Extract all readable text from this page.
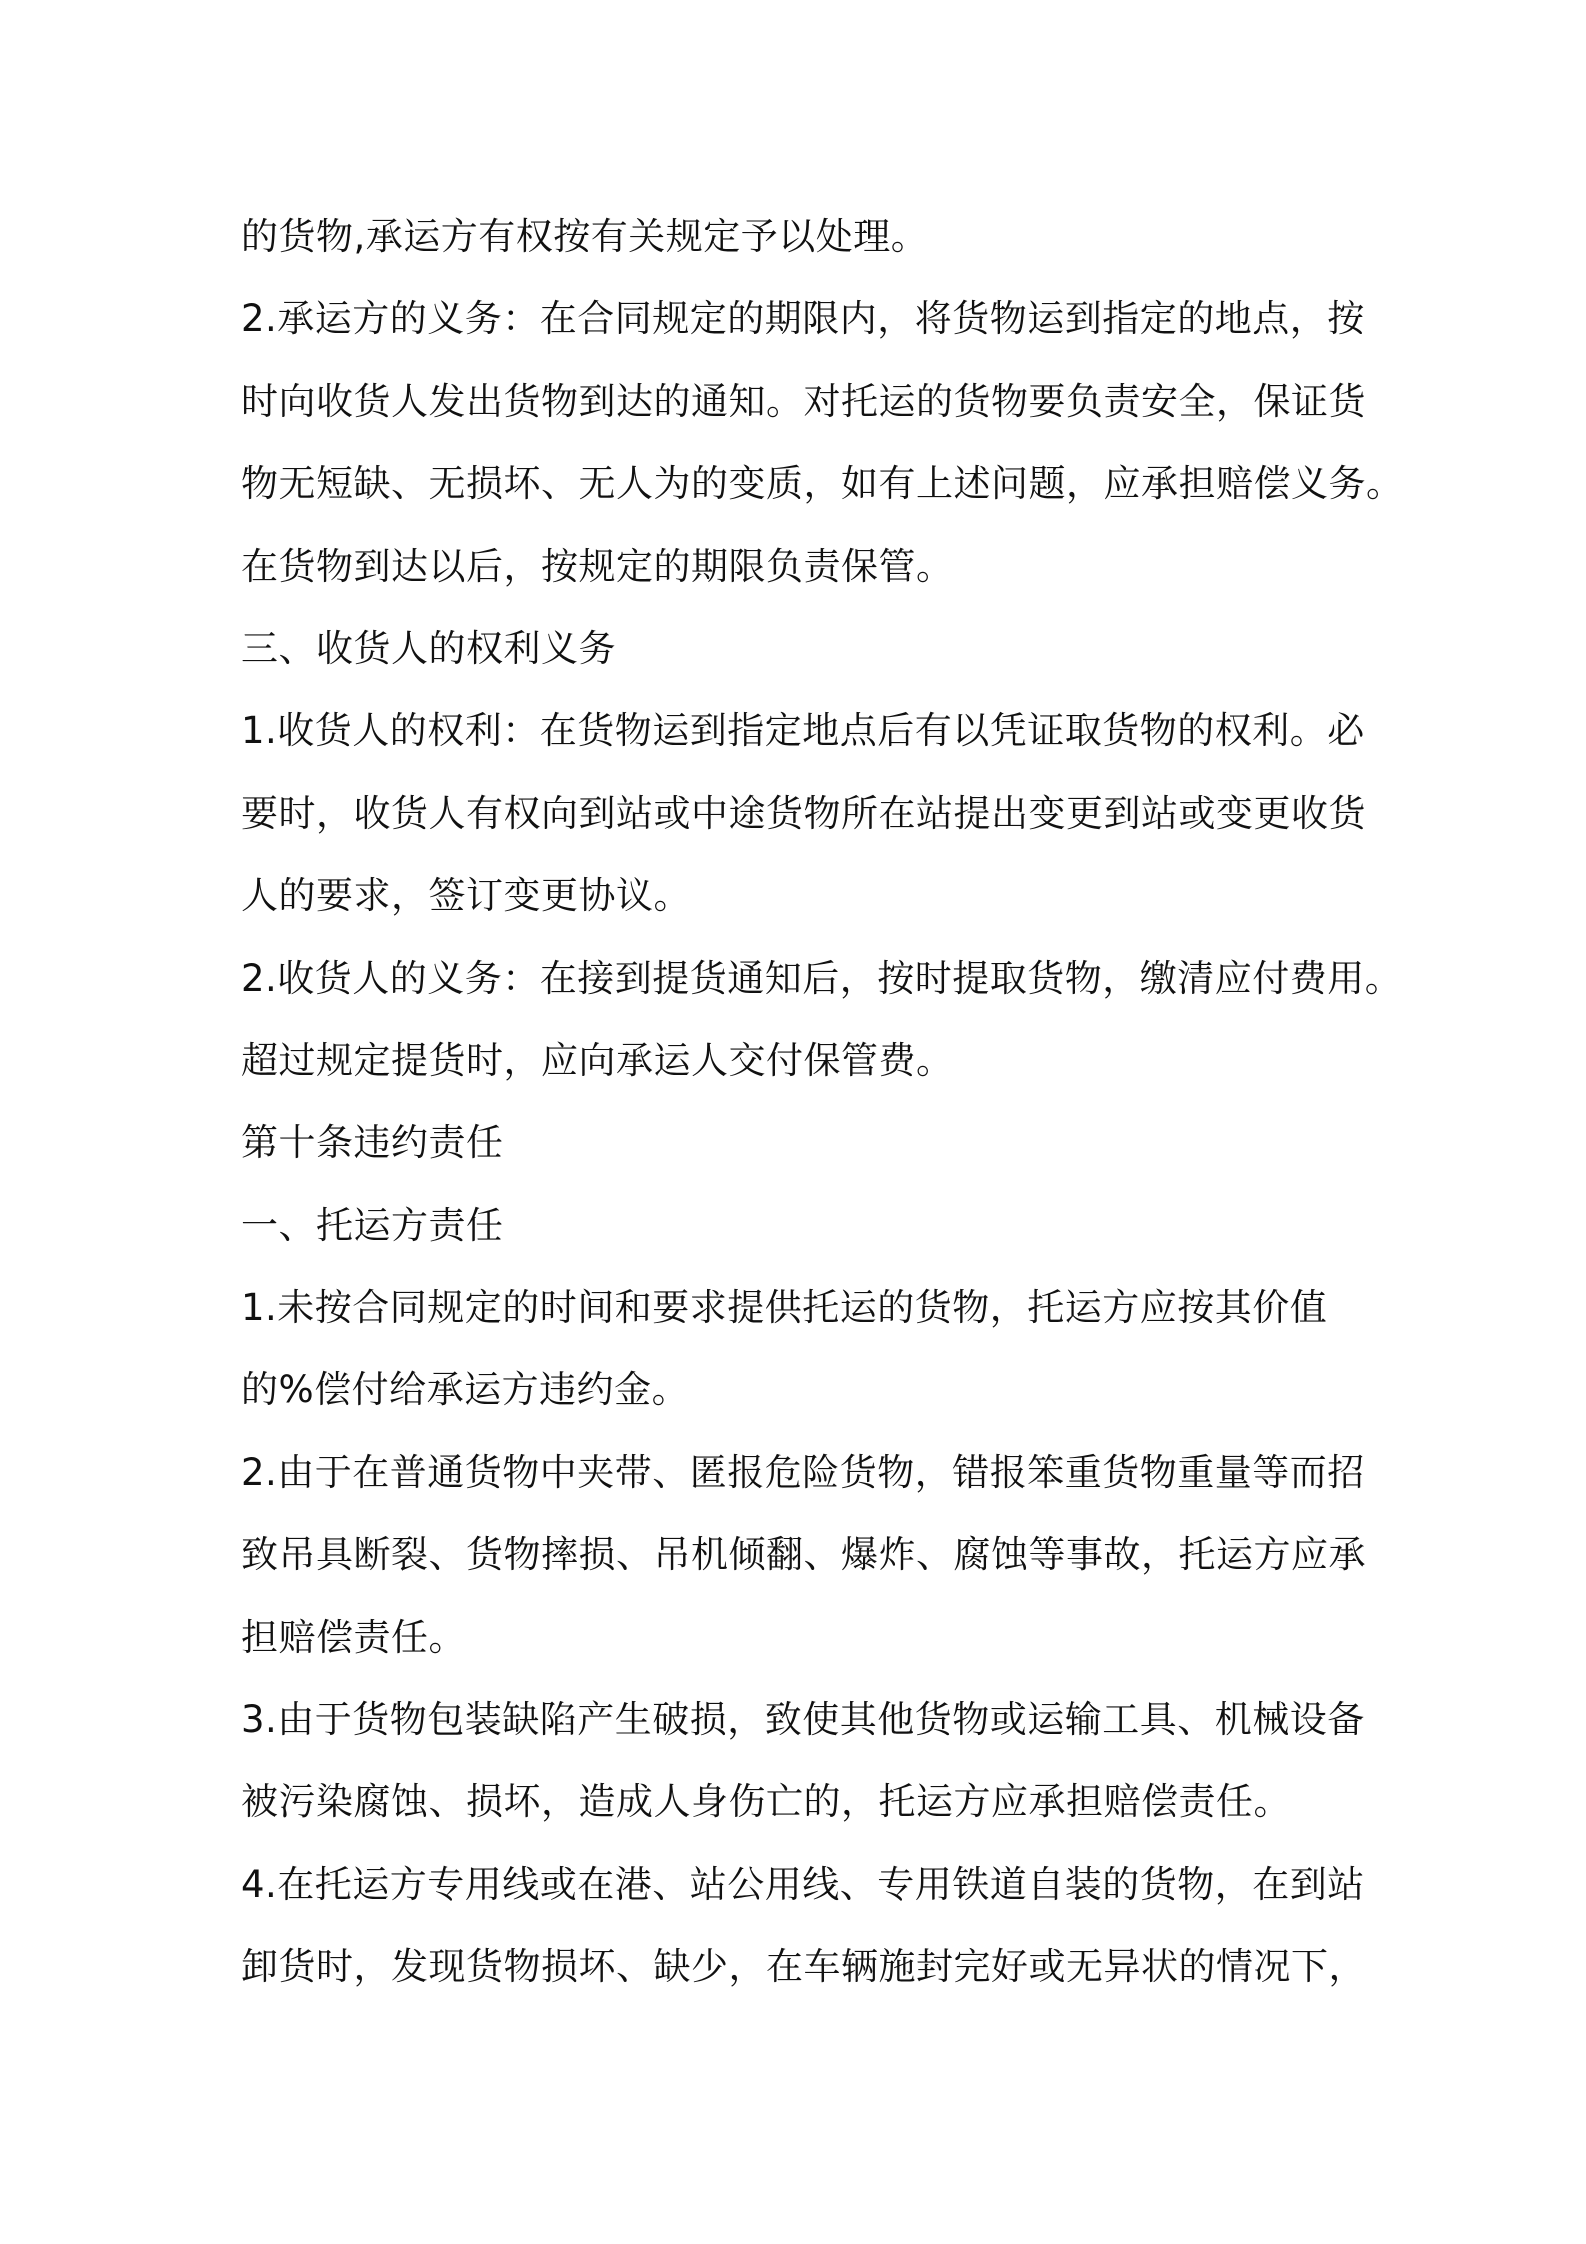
的货物,承运方有权按有关规定予以处理。
2.承运方的义务：在合同规定的期限内，将货物运到指定的地点，按
时向收货人发出货物到达的通知。对托运的货物要负责安全，保证货
物无短缺、无损坏、无人为的变质，如有上述问题，应承担赔偿义务。
在货物到达以后，按规定的期限负责保管。
三、收货人的权利义务
1.收货人的权利：在货物运到指定地点后有以凭证取货物的权利。必
要时，收货人有权向到站或中途货物所在站提出变更到站或变更收货
人的要求，签订变更协议。
2.收货人的义务：在接到提货通知后，按时提取货物，缴清应付费用。
超过规定提货时，应向承运人交付保管费。
第十条违约责任
一、托运方责任
1.未按合同规定的时间和要求提供托运的货物，托运方应按其价值
的%偿付给承运方违约金。
2.由于在普通货物中夹带、匿报危险货物，错报笨重货物重量等而招
致吊具断裂、货物摔损、吊机倾翻、爆炸、腐蚀等事故，托运方应承
担赔偿责任。
3.由于货物包装缺陷产生破损，致使其他货物或运输工具、机械设备
被污染腐蚀、损坏，造成人身伤亡的，托运方应承担赔偿责任。
4.在托运方专用线或在港、站公用线、专用铁道自装的货物，在到站
卸货时，发现货物损坏、缺少，在车辆施封完好或无异状的情况下，
